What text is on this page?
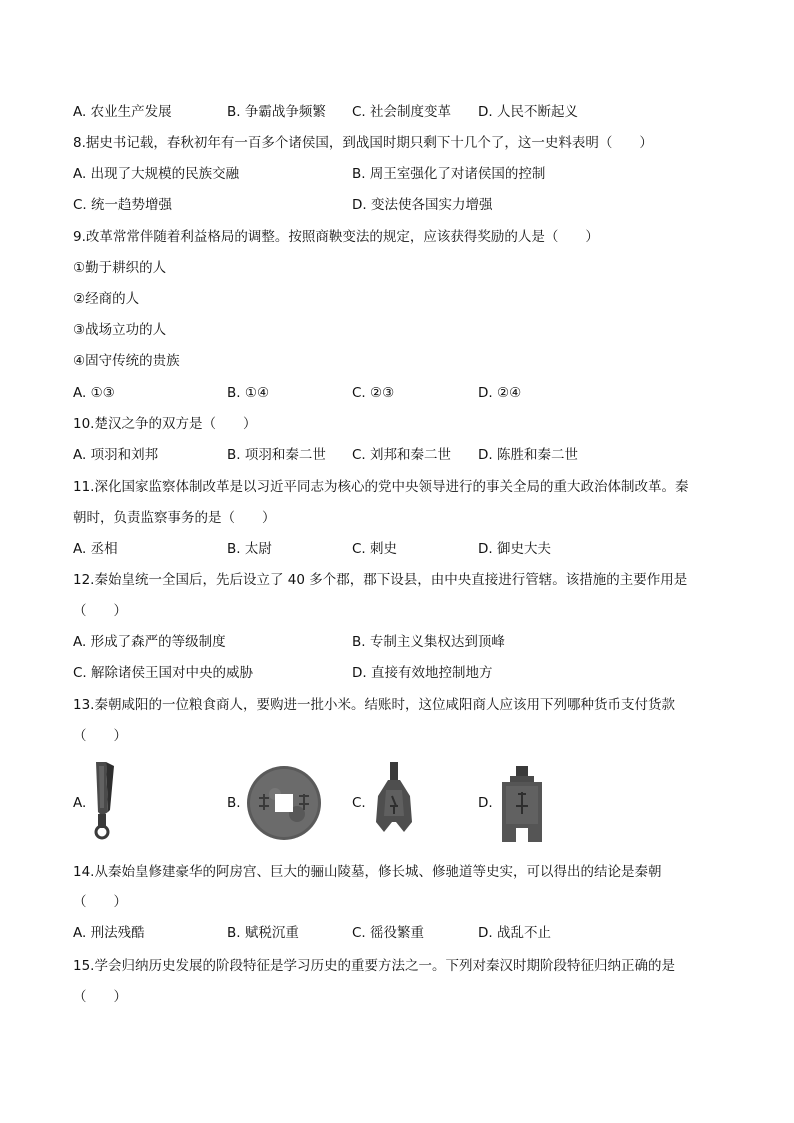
A. 农业生产发展	B. 争霸战争频繁 C. 社会制度变革 D. 人民不断起义
8.据史书记载，春秋初年有一百多个诸侯国，到战国时期只剩下十几个了，这一史料表明（　　）
A. 出现了大规模的民族交融	B. 周王室强化了对诸侯国的控制
C. 统一趋势增强	D. 变法使各国实力增强
9.改革常常伴随着利益格局的调整。按照商鞅变法的规定，应该获得奖励的人是（　　）
①勤于耕织的人
②经商的人
③战场立功的人
④固守传统的贵族
A. ①③	B. ①④	C. ②③	D. ②④
10.楚汉之争的双方是（　　）
A. 项羽和刘邦	B. 项羽和秦二世 C. 刘邦和秦二世 D. 陈胜和秦二世
11.深化国家监察体制改革是以习近平同志为核心的党中央领导进行的事关全局的重大政治体制改革。秦
朝时，负责监察事务的是（　　）
A. 丞相	B. 太尉	C. 刺史	D. 御史大夫
12.秦始皇统一全国后，先后设立了 40 多个郡，郡下设县，由中央直接进行管辖。该措施的主要作用是
（　　）
A. 形成了森严的等级制度	B. 专制主义集权达到顶峰
C. 解除诸侯王国对中央的威胁	D. 直接有效地控制地方
13.秦朝咸阳的一位粮食商人，要购进一批小米。结账时，这位咸阳商人应该用下列哪种货币支付货款
（　　）
A.	B.	C.	D.
14.从秦始皇修建豪华的阿房宫、巨大的骊山陵墓，修长城、修驰道等史实，可以得出的结论是秦朝
（　　）
A. 刑法残酷	B. 赋税沉重	C. 徭役繁重	D. 战乱不止
15.学会归纳历史发展的阶段特征是学习历史的重要方法之一。下列对秦汉时期阶段特征归纳正确的是
（　　）
